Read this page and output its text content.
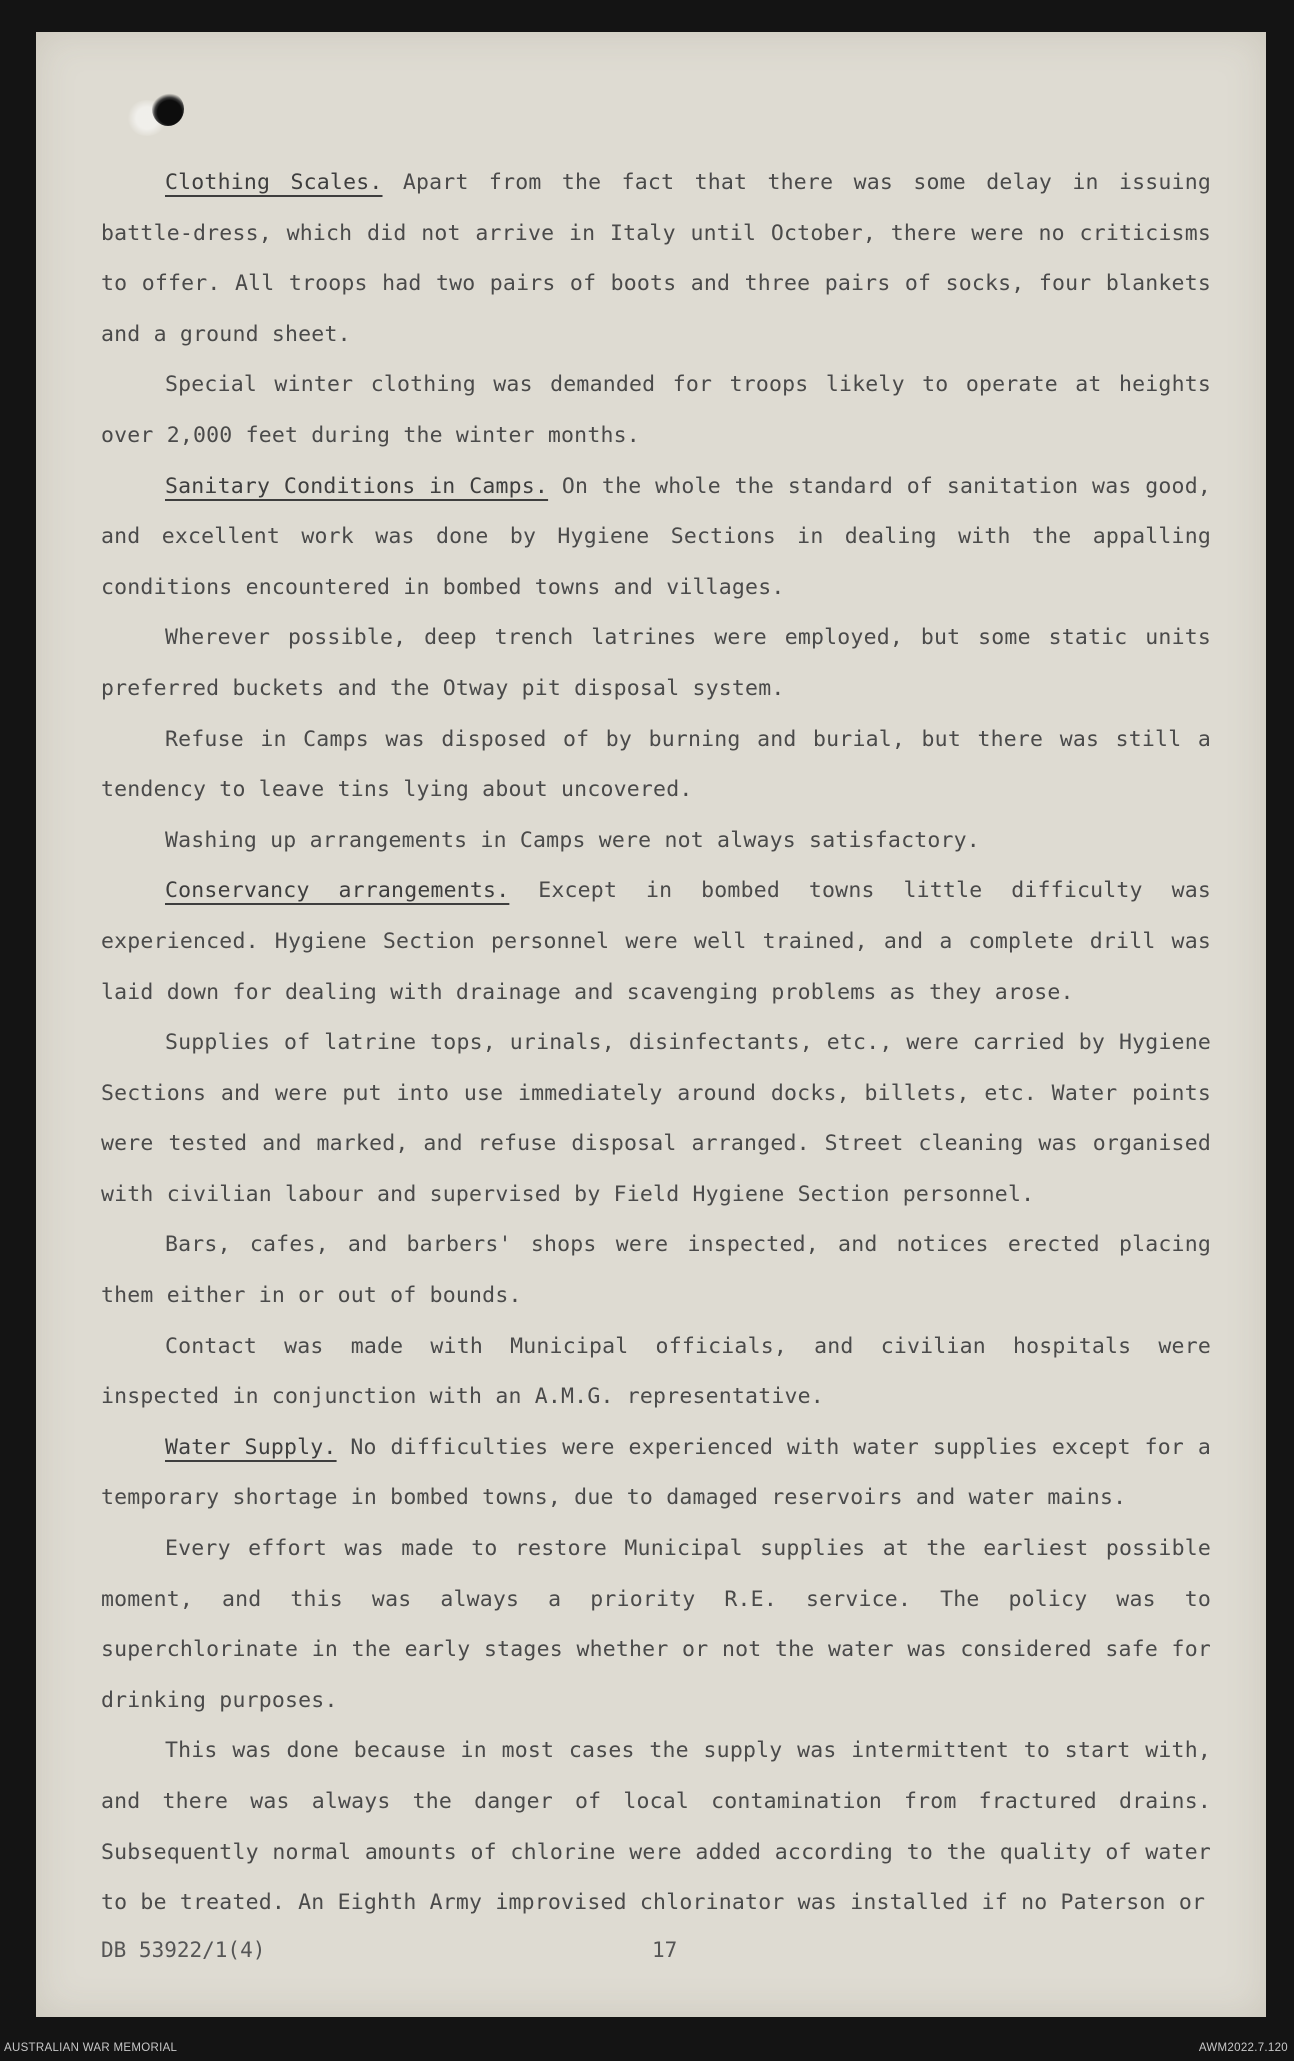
Clothing Scales. Apart from the fact that there was some delay in issuing battle-dress, which did not arrive in Italy until October, there were no criticisms to offer. All troops had two pairs of boots and three pairs of socks, four blankets and a ground sheet.

Special winter clothing was demanded for troops likely to operate at heights over 2,000 feet during the winter months.

Sanitary Conditions in Camps. On the whole the standard of sanitation was good, and excellent work was done by Hygiene Sections in dealing with the appalling conditions encountered in bombed towns and villages.

Wherever possible, deep trench latrines were employed, but some static units preferred buckets and the Otway pit disposal system.

Refuse in Camps was disposed of by burning and burial, but there was still a tendency to leave tins lying about uncovered.

Washing up arrangements in Camps were not always satisfactory.

Conservancy arrangements. Except in bombed towns little difficulty was experienced. Hygiene Section personnel were well trained, and a complete drill was laid down for dealing with drainage and scavenging problems as they arose.

Supplies of latrine tops, urinals, disinfectants, etc., were carried by Hygiene Sections and were put into use immediately around docks, billets, etc. Water points were tested and marked, and refuse disposal arranged. Street cleaning was organised with civilian labour and supervised by Field Hygiene Section personnel.

Bars, cafes, and barbers' shops were inspected, and notices erected placing them either in or out of bounds.

Contact was made with Municipal officials, and civilian hospitals were inspected in conjunction with an A.M.G. representative.

Water Supply. No difficulties were experienced with water supplies except for a temporary shortage in bombed towns, due to damaged reservoirs and water mains.

Every effort was made to restore Municipal supplies at the earliest possible moment, and this was always a priority R.E. service. The policy was to superchlorinate in the early stages whether or not the water was considered safe for drinking purposes.

This was done because in most cases the supply was intermittent to start with, and there was always the danger of local contamination from fractured drains. Subsequently normal amounts of chlorine were added according to the quality of water to be treated. An Eighth Army improvised chlorinator was installed if no Paterson or

DB 53922/1(4)	17
AUSTRALIAN WAR MEMORIAL	AWM2022.7.120
